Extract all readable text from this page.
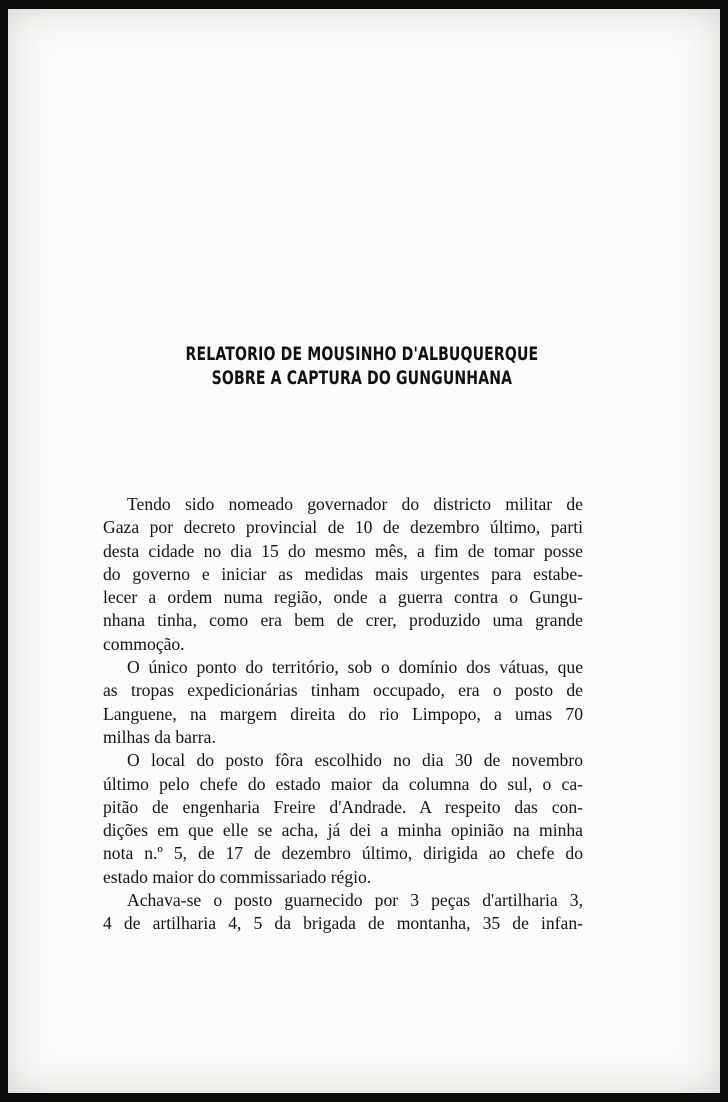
RELATORIO DE MOUSINHO D'ALBUQUERQUE
SOBRE A CAPTURA DO GUNGUNHANA
Tendo sido nomeado governador do districto militar de
Gaza por decreto provincial de 10 de dezembro último, parti
desta cidade no dia 15 do mesmo mês, a fim de tomar posse
do governo e iniciar as medidas mais urgentes para estabe-
lecer a ordem numa região, onde a guerra contra o Gungu-
nhana tinha, como era bem de crer, produzido uma grande
commoção.
O único ponto do território, sob o domínio dos vátuas, que
as tropas expedicionárias tinham occupado, era o posto de
Languene, na margem direita do rio Limpopo, a umas 70
milhas da barra.
O local do posto fôra escolhido no dia 30 de novembro
último pelo chefe do estado maior da columna do sul, o ca-
pitão de engenharia Freire d'Andrade. A respeito das con-
dições em que elle se acha, já dei a minha opinião na minha
nota n.º 5, de 17 de dezembro último, dirigida ao chefe do
estado maior do commissariado régio.
Achava-se o posto guarnecido por 3 peças d'artilharia 3,
4 de artilharia 4, 5 da brigada de montanha, 35 de infan-
